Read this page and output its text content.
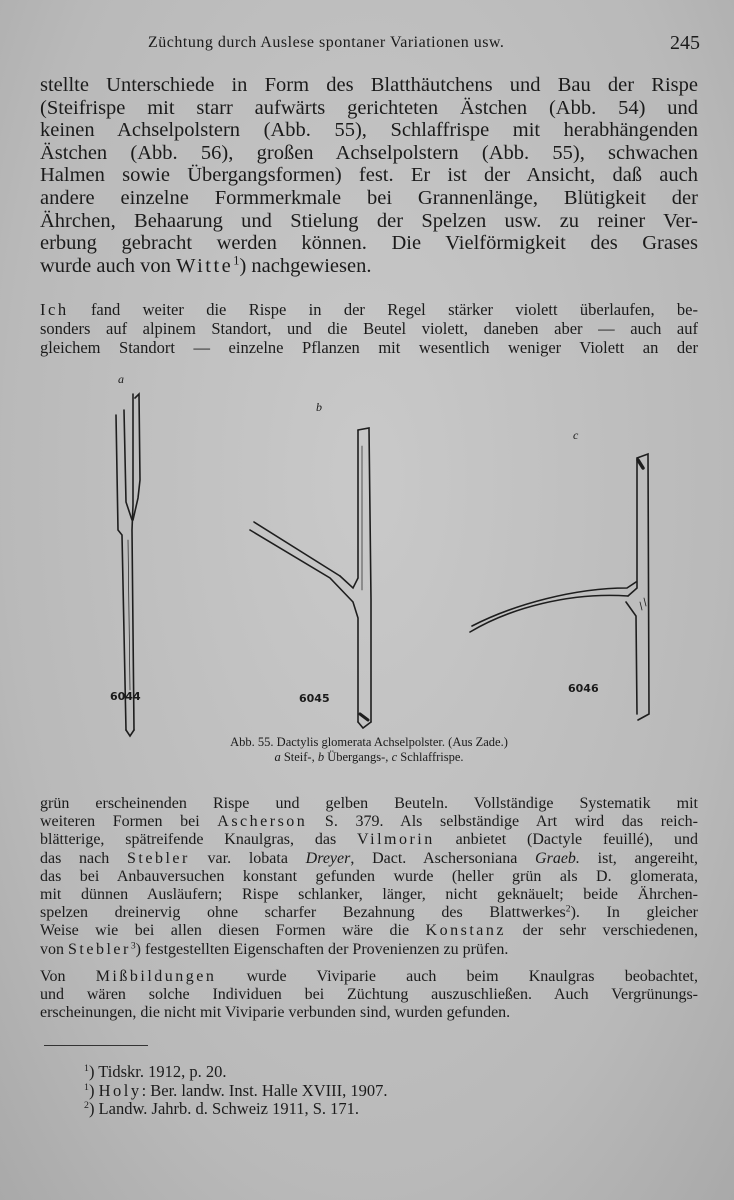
Züchtung durch Auslese spontaner Variationen usw.	245
stellte Unterschiede in Form des Blatthäutchens und Bau der Rispe
(Steifrispe mit starr aufwärts gerichteten Ästchen (Abb. 54) und
keinen Achselpolstern (Abb. 55), Schlaffrispe mit herabhängenden
Ästchen (Abb. 56), großen Achselpolstern (Abb. 55), schwachen
Halmen sowie Übergangsformen) fest. Er ist der Ansicht, daß auch
andere einzelne Formmerkmale bei Grannenlänge, Blütigkeit der
Ährchen, Behaarung und Stielung der Spelzen usw. zu reiner Ver-
erbung gebracht werden können. Die Vielförmigkeit des Grases
wurde auch von Witte$^1$) nachgewiesen.
Ich fand weiter die Rispe in der Regel stärker violett überlaufen, be-
sonders auf alpinem Standort, und die Beutel violett, daneben aber — auch auf
gleichem Standort — einzelne Pflanzen mit wesentlich weniger Violett an der
a
b
c
6044	6045
6046
Abb. 55. Dactylis glomerata Achselpolster. (Aus Zade.)
a Steif-, b Übergangs-, c Schlaffrispe.
grün erscheinenden Rispe und gelben Beuteln. Vollständige Systematik mit
weiteren Formen bei Ascherson S. 379. Als selbständige Art wird das reich-
blätterige, spätreifende Knaulgras, das Vilmorin anbietet (Dactyle feuillé), und
das nach Stebler var. lobata Dreyer, Dact. Aschersoniana Graeb. ist, angereiht,
das bei Anbauversuchen konstant gefunden wurde (heller grün als D. glomerata,
mit dünnen Ausläufern; Rispe schlanker, länger, nicht geknäuelt; beide Ährchen-
spelzen dreinervig ohne scharfer Bezahnung des Blattwerkes$^2$). In gleicher
Weise wie bei allen diesen Formen wäre die Konstanz der sehr verschiedenen,
von Stebler$^3$) festgestellten Eigenschaften der Provenienzen zu prüfen.
Von Mißbildungen wurde Viviparie auch beim Knaulgras beobachtet,
und wären solche Individuen bei Züchtung auszuschließen. Auch Vergrünungs-
erscheinungen, die nicht mit Viviparie verbunden sind, wurden gefunden.
$^1$) Tidskr. 1912, p. 20.
$^1$) Holy: Ber. landw. Inst. Halle XVIII, 1907.
$^2$) Landw. Jahrb. d. Schweiz 1911, S. 171.
